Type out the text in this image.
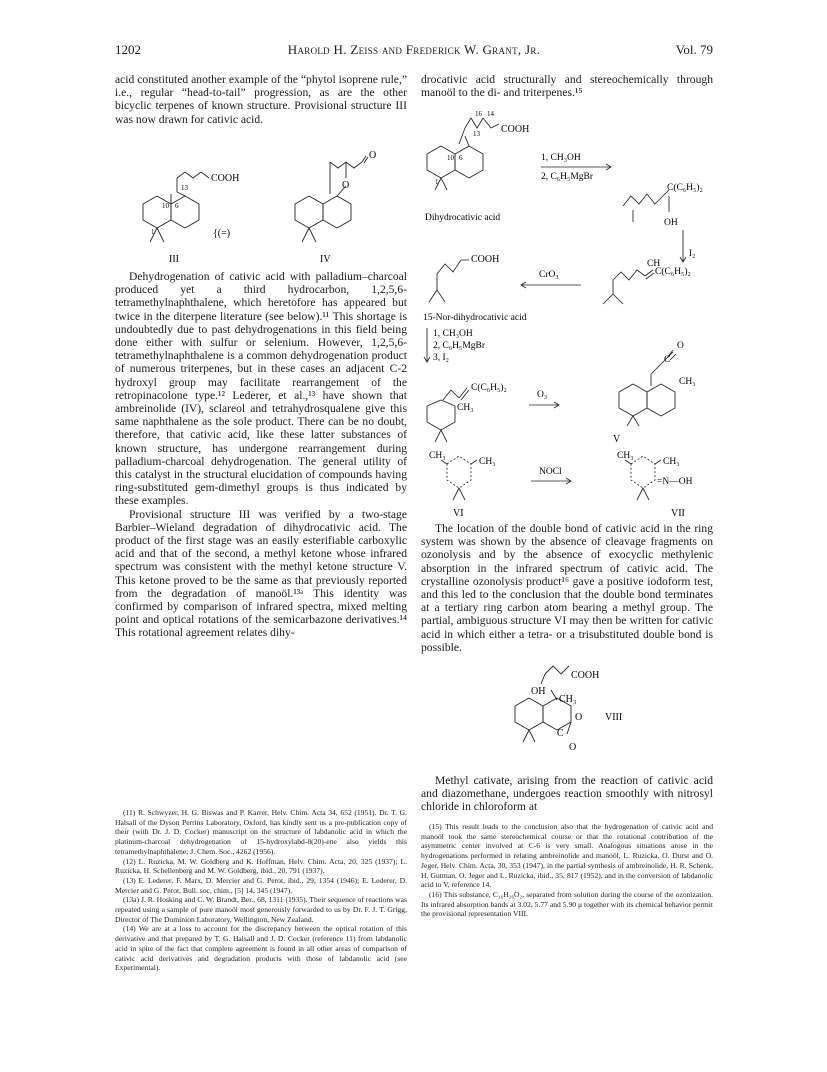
1202	Harold H. Zeiss and Frederick W. Grant, Jr.	Vol. 79

acid constituted another example of the “phytol isoprene rule,” i.e., regular “head-to-tail” progression, as are the other bicyclic terpenes of known structure. Provisional structure III was now drawn for cativic acid.

COOH
13
10 6
1	{(=)
O
O
III	IV

Dehydrogenation of cativic acid with palladium–charcoal produced yet a third hydrocarbon, 1,2,5,6-tetramethylnaphthalene, which heretofore has appeared but twice in the diterpene literature (see below).¹¹ This shortage is undoubtedly due to past dehydrogenations in this field being done either with sulfur or selenium. However, 1,2,5,6-tetramethylnaphthalene is a common dehydrogenation product of numerous triterpenes, but in these cases an adjacent C-2 hydroxyl group may facilitate rearrangement of the retropinacolone type.¹² Lederer, et al.,¹³ have shown that ambreinolide (IV), sclareol and tetrahydrosqualene give this same naphthalene as the sole product. There can be no doubt, therefore, that cativic acid, like these latter substances of known structure, has undergone rearrangement during palladium-charcoal dehydrogenation. The general utility of this catalyst in the structural elucidation of compounds having ring-substituted gem-dimethyl groups is thus indicated by these examples.

Provisional structure III was verified by a two-stage Barbier–Wieland degradation of dihydrocativic acid. The product of the first stage was an easily esterifiable carboxylic acid and that of the second, a methyl ketone whose infrared spectrum was consistent with the methyl ketone structure V. This ketone proved to be the same as that previously reported from the degradation of manoöl.¹³ᵃ This identity was confirmed by comparison of infrared spectra, mixed melting point and optical rotations of the semicarbazone derivatives.¹⁴ This rotational agreement relates dihy-

(11) R. Schwyzer, H. G. Biswas and P. Karrer, Helv. Chim. Acta 34, 652 (1951). Dr. T. G. Halsall of the Dyson Perrins Laboratory, Oxford, has kindly sent us a pre-publication copy of their (with Dr. J. D. Cocker) manuscript on the structure of labdanolic acid in which the platinum-charcoal dehydrogenation of 15-hydroxylabd-8(20)-ene also yields this tetramethylnaphthalene; J. Chem. Soc., 4262 (1956).

(12) L. Ruzicka, M. W. Goldberg and K. Hoffman, Helv. Chim. Acta, 20, 325 (1937); L. Ruzicka, H. Schellenberg and M. W. Goldberg, ibid., 20, 791 (1937).

(13) E. Lederer, F. Marx, D. Mercier and G. Perot, ibid., 29, 1354 (1946); E. Lederer, D. Mercier and G. Perot, Bull. soc. chim., [5] 14, 345 (1947).

(13a) J. R. Hosking and C. W. Brandt, Ber., 68, 1311 (1935). Their sequence of reactions was repeated using a sample of pure manoöl most generously forwarded to us by Dr. F. J. T. Grigg, Director of The Dominion Laboratory, Wellington, New Zealand.

(14) We are at a loss to account for the discrepancy between the optical rotation of this derivative and that prepared by T. G. Halsall and J. D. Cocker (reference 11) from labdanolic acid in spite of the fact that complete agreement is found in all other areas of comparison of cativic acid derivatives and degradation products with those of labdanolic acid (see Experimental).

drocativic acid structurally and stereochemically through manoöl to the di- and triterpenes.¹⁵

16 14
13 COOH
10 6
1
1, CH₃OH
2, C₆H₅MgBr
C(C₆H₅)₂
OH
Dihydrocativic acid
I₂
CH
C(C₆H₅)₂
CrO₃
COOH
15-Nor-dihydrocativic acid
1, CH₃OH
2, C₆H₅MgBr
3, I₂
C(C₆H₅)₂
CH₃
O₃
C
O
CH₃
V
CH₃
CH₃
VI
NOCl
CH₃
CH₃
=N—OH
VII

The location of the double bond of cativic acid in the ring system was shown by the absence of cleavage fragments on ozonolysis and by the absence of exocyclic methylenic absorption in the infrared spectrum of cativic acid. The crystalline ozonolysis product¹⁶ gave a positive iodoform test, and this led to the conclusion that the double bond terminates at a tertiary ring carbon atom bearing a methyl group. The partial, ambiguous structure VI may then be written for cativic acid in which either a tetra- or a trisubstituted double bond is possible.

COOH
OH
CH₃
O
C
O
VIII

Methyl cativate, arising from the reaction of cativic acid and diazomethane, undergoes reaction smoothly with nitrosyl chloride in chloroform at

(15) This result leads to the conclusion also that the hydrogenation of cativic acid and manoöl took the same stereochemical course or that the rotational contribution of the asymmetric center involved at C-6 is very small. Analogous situations arose in the hydrogenations performed in relating ambreinolide and manoöl, L. Ruzicka, O. Durst and O. Jeger, Helv. Chim. Acta, 30, 353 (1947), in the partial synthesis of ambreinolide, H. R. Schenk, H. Gutman, O. Jeger and L. Ruzicka, ibid., 35, 817 (1952), and in the conversion of labdanolic acid to V, reference 14.

(16) This substance, C₁₆H₂₆O₂, separated from solution during the course of the ozonization. Its infrared absorption bands at 3.02, 5.77 and 5.90 μ together with its chemical behavior permit the provisional representation VIII.
